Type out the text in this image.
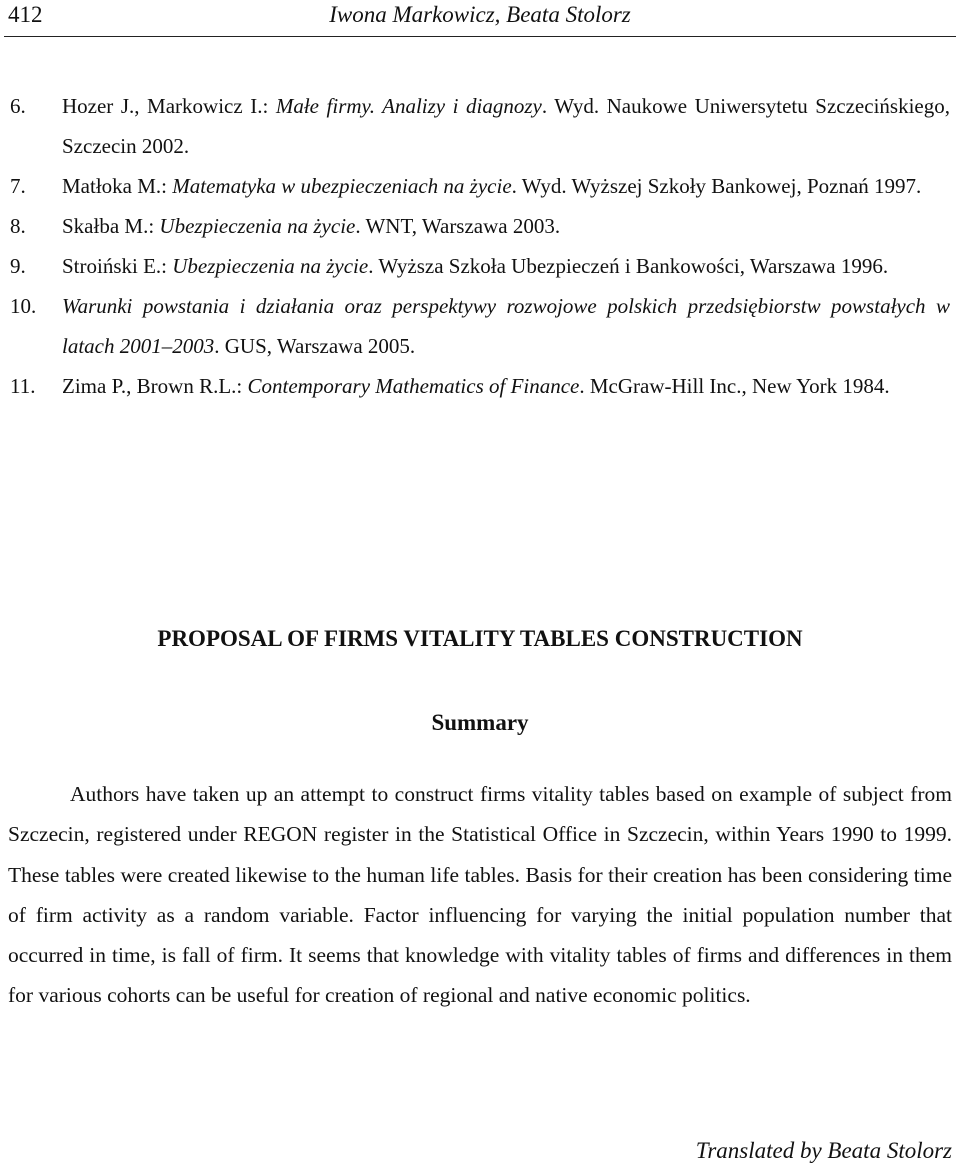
412	Iwona Markowicz, Beata Stolorz
6.	Hozer J., Markowicz I.: Małe firmy. Analizy i diagnozy. Wyd. Naukowe Uniwersytetu Szczecińskiego, Szczecin 2002.
7.	Matłoka M.: Matematyka w ubezpieczeniach na życie. Wyd. Wyższej Szkoły Bankowej, Poznań 1997.
8.	Skałba M.: Ubezpieczenia na życie. WNT, Warszawa 2003.
9.	Stroiński E.: Ubezpieczenia na życie. Wyższa Szkoła Ubezpieczeń i Bankowości, Warszawa 1996.
10.	Warunki powstania i działania oraz perspektywy rozwojowe polskich przedsiębiorstw powstałych w latach 2001–2003. GUS, Warszawa 2005.
11.	Zima P., Brown R.L.: Contemporary Mathematics of Finance. McGraw-Hill Inc., New York 1984.
PROPOSAL OF FIRMS VITALITY TABLES CONSTRUCTION
Summary
Authors have taken up an attempt to construct firms vitality tables based on example of subject from Szczecin, registered under REGON register in the Statistical Office in Szczecin, within Years 1990 to 1999. These tables were created likewise to the human life tables. Basis for their creation has been considering time of firm activity as a random variable. Factor influencing for varying the initial population number that occurred in time, is fall of firm. It seems that knowledge with vitality tables of firms and differences in them for various cohorts can be useful for creation of regional and native economic politics.
Translated by Beata Stolorz
